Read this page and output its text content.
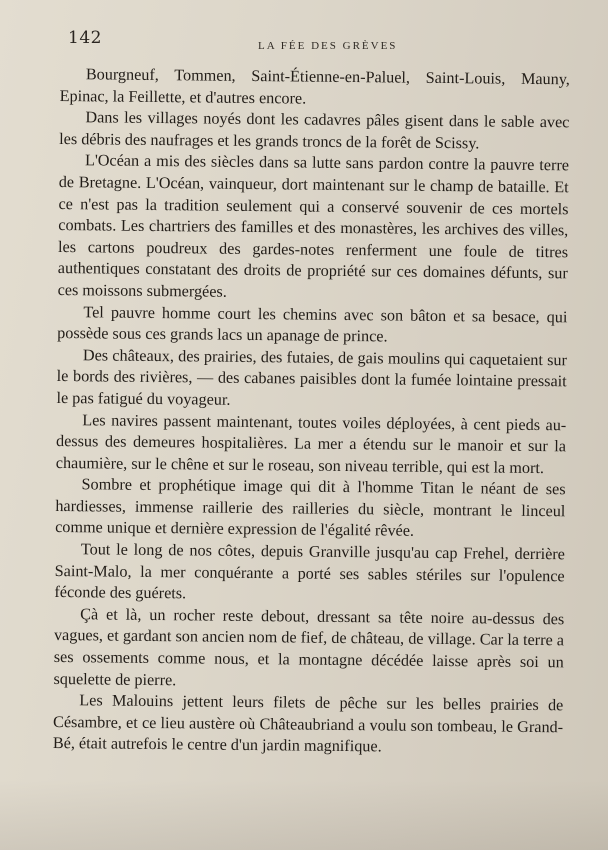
142	LA FÉE DES GRÈVES

Bourgneuf, Tommen, Saint-Étienne-en-Paluel, Saint-Louis, Mauny, Epinac, la Feillette, et d'autres encore.

Dans les villages noyés dont les cadavres pâles gisent dans le sable avec les débris des naufrages et les grands troncs de la forêt de Scissy.

L'Océan a mis des siècles dans sa lutte sans pardon contre la pauvre terre de Bretagne. L'Océan, vainqueur, dort maintenant sur le champ de bataille. Et ce n'est pas la tradition seulement qui a conservé souvenir de ces mortels combats. Les chartriers des familles et des monastères, les archives des villes, les cartons poudreux des gardes-notes renferment une foule de titres authentiques constatant des droits de propriété sur ces domaines défunts, sur ces moissons submergées.

Tel pauvre homme court les chemins avec son bâton et sa besace, qui possède sous ces grands lacs un apanage de prince.

Des châteaux, des prairies, des futaies, de gais moulins qui caquetaient sur le bords des rivières, — des cabanes paisibles dont la fumée lointaine pressait le pas fatigué du voyageur.

Les navires passent maintenant, toutes voiles déployées, à cent pieds au-dessus des demeures hospitalières. La mer a étendu sur le manoir et sur la chaumière, sur le chêne et sur le roseau, son niveau terrible, qui est la mort.

Sombre et prophétique image qui dit à l'homme Titan le néant de ses hardiesses, immense raillerie des railleries du siècle, montrant le linceul comme unique et dernière expression de l'égalité rêvée.

Tout le long de nos côtes, depuis Granville jusqu'au cap Frehel, derrière Saint-Malo, la mer conquérante a porté ses sables stériles sur l'opulence féconde des guérets.

Çà et là, un rocher reste debout, dressant sa tête noire au-dessus des vagues, et gardant son ancien nom de fief, de château, de village. Car la terre a ses ossements comme nous, et la montagne décédée laisse après soi un squelette de pierre.

Les Malouins jettent leurs filets de pêche sur les belles prairies de Césambre, et ce lieu austère où Châteaubriand a voulu son tombeau, le Grand-Bé, était autrefois le centre d'un jardin magnifique.
